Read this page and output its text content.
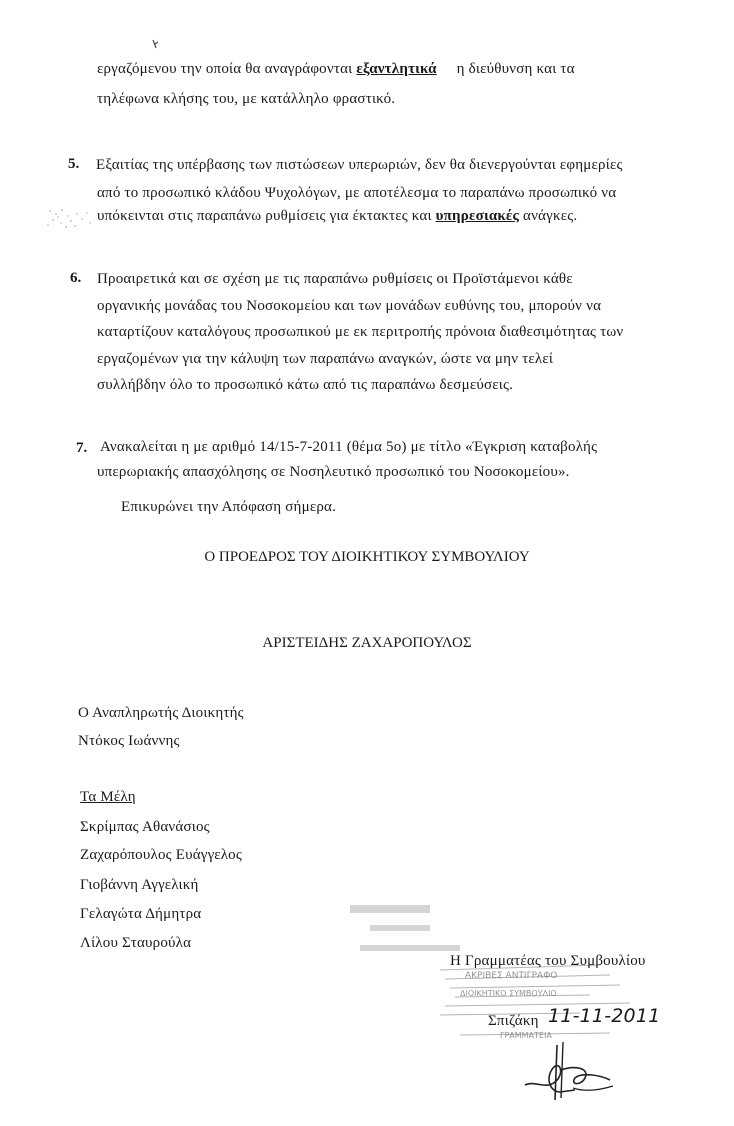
εργαζόμενου την οποία θα αναγράφονται εξαντλητικά η διεύθυνση και τα
τηλέφωνα κλήσης του, με κατάλληλο φραστικό.
5. Εξαιτίας της υπέρβασης των πιστώσεων υπερωριών, δεν θα διενεργούνται εφημερίες
από το προσωπικό κλάδου Ψυχολόγων, με αποτέλεσμα το παραπάνω προσωπικό να
υπόκεινται στις παραπάνω ρυθμίσεις για έκτακτες και υπηρεσιακές ανάγκες.
6. Προαιρετικά και σε σχέση με τις παραπάνω ρυθμίσεις οι Προϊστάμενοι κάθε
οργανικής μονάδας του Νοσοκομείου και των μονάδων ευθύνης του, μπορούν να
καταρτίζουν καταλόγους προσωπικού με εκ περιτροπής πρόνοια διαθεσιμότητας των
εργαζομένων για την κάλυψη των παραπάνω αναγκών, ώστε να μην τελεί
συλλήβδην όλο το προσωπικό κάτω από τις παραπάνω δεσμεύσεις.
7. Ανακαλείται η με αριθμό 14/15-7-2011 (θέμα 5ο) με τίτλο «Έγκριση καταβολής
υπερωριακής απασχόλησης σε Νοσηλευτικό προσωπικό του Νοσοκομείου».
Επικυρώνει την Απόφαση σήμερα.
Ο ΠΡΟΕΔΡΟΣ ΤΟΥ ΔΙΟΙΚΗΤΙΚΟΥ ΣΥΜΒΟΥΛΙΟΥ
ΑΡΙΣΤΕΙΔΗΣ ΖΑΧΑΡΟΠΟΥΛΟΣ
Ο Αναπληρωτής Διοικητής
Ντόκος Ιωάννης
Τα Μέλη
Σκρίμπας Αθανάσιος
Ζαχαρόπουλος Ευάγγελος
Γιοβάννη Αγγελική
Γελαγώτα Δήμητρα
Λίλου Σταυρούλα
ΑΚΡΙΒΕΣ ΑΝΤΙΓΡΑΦΟ
ΔΙΟΙΚΗΤΙΚΟ ΣΥΜΒΟΥΛΙΟ
ΓΡΑΜΜΑΤΕΙΑ
Η Γραμματέας του Συμβουλίου
Σπιζάκη 11-11-2011
